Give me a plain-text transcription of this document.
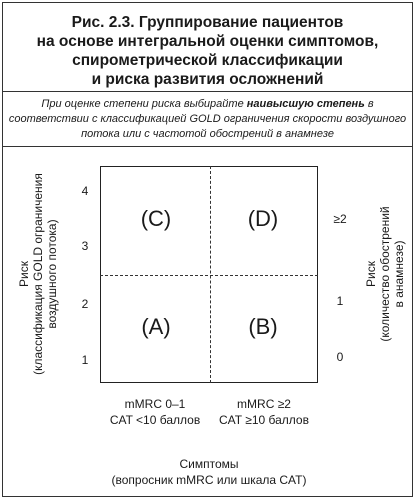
Рис. 2.3. Группирование пациентов
на основе интегральной оценки симптомов,
спирометрической классификации
и риска развития осложнений
При оценке степени риска выбирайте наивысшую степень в соответствии с классификацией GOLD ограничения скорости воздушного потока или с частотой обострений в анамнезе
(C)	(D)
(A)	(B)
4
3
2
1
≥2
1
0
Риск (классификация GOLD ограничения воздушного потока)	Риск (количество обострений в анамнезе)
mMRC 0–1
CAT <10 баллов
mMRC ≥2
CAT ≥10 баллов
Симптомы
(вопросник mMRC или шкала CAT)
